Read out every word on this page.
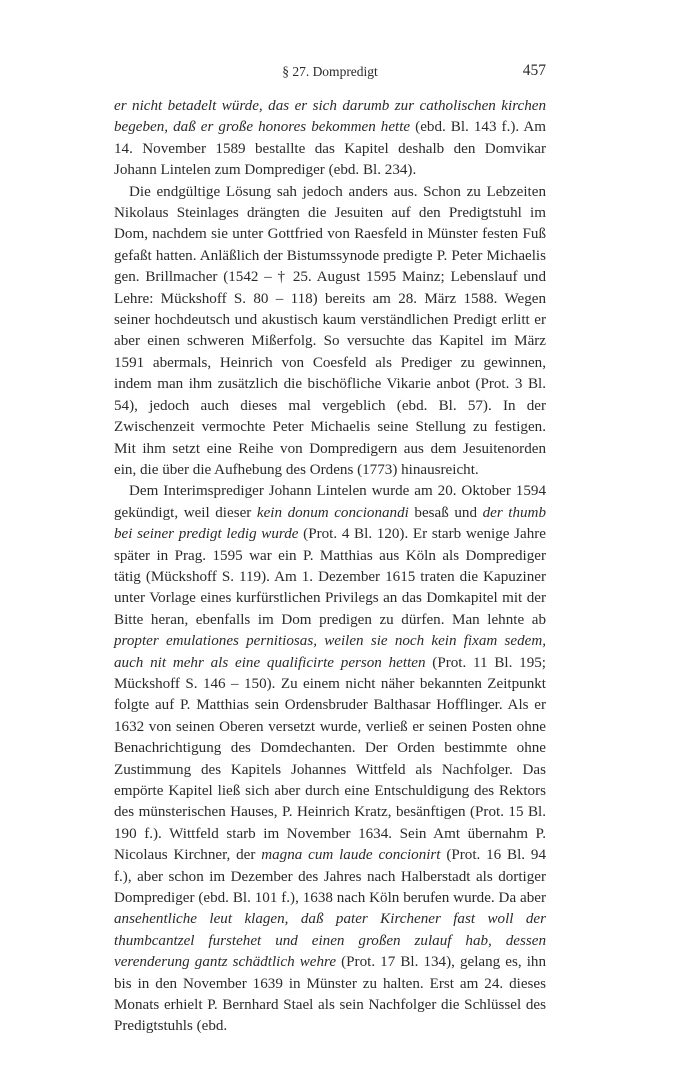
§ 27. Dompredigt	457

er nicht betadelt würde, das er sich darumb zur catholischen kirchen begeben, daß er große honores bekommen hette (ebd. Bl. 143 f.). Am 14. November 1589 bestallte das Kapitel deshalb den Domvikar Johann Lintelen zum Domprediger (ebd. Bl. 234).

Die endgültige Lösung sah jedoch anders aus. Schon zu Lebzeiten Nikolaus Steinlages drängten die Jesuiten auf den Predigtstuhl im Dom, nachdem sie unter Gottfried von Raesfeld in Münster festen Fuß gefaßt hatten. Anläßlich der Bistumssynode predigte P. Peter Michaelis gen. Brillmacher (1542 – † 25. August 1595 Mainz; Lebenslauf und Lehre: Mückshoff S. 80 – 118) bereits am 28. März 1588. Wegen seiner hochdeutsch und akustisch kaum verständlichen Predigt erlitt er aber einen schweren Mißerfolg. So versuchte das Kapitel im März 1591 abermals, Heinrich von Coesfeld als Prediger zu gewinnen, indem man ihm zusätzlich die bischöfliche Vikarie anbot (Prot. 3 Bl. 54), jedoch auch dieses mal vergeblich (ebd. Bl. 57). In der Zwischenzeit vermochte Peter Michaelis seine Stellung zu festigen. Mit ihm setzt eine Reihe von Dompredigern aus dem Jesuitenorden ein, die über die Aufhebung des Ordens (1773) hinausreicht.

Dem Interimsprediger Johann Lintelen wurde am 20. Oktober 1594 gekündigt, weil dieser kein donum concionandi besaß und der thumb bei seiner predigt ledig wurde (Prot. 4 Bl. 120). Er starb wenige Jahre später in Prag. 1595 war ein P. Matthias aus Köln als Domprediger tätig (Mückshoff S. 119). Am 1. Dezember 1615 traten die Kapuziner unter Vorlage eines kurfürstlichen Privilegs an das Domkapitel mit der Bitte heran, ebenfalls im Dom predigen zu dürfen. Man lehnte ab propter emulationes pernitiosas, weilen sie noch kein fixam sedem, auch nit mehr als eine qualificirte person hetten (Prot. 11 Bl. 195; Mückshoff S. 146 – 150). Zu einem nicht näher bekannten Zeitpunkt folgte auf P. Matthias sein Ordensbruder Balthasar Hofflinger. Als er 1632 von seinen Oberen versetzt wurde, verließ er seinen Posten ohne Benachrichtigung des Domdechanten. Der Orden bestimmte ohne Zustimmung des Kapitels Johannes Wittfeld als Nachfolger. Das empörte Kapitel ließ sich aber durch eine Entschuldigung des Rektors des münsterischen Hauses, P. Heinrich Kratz, besänftigen (Prot. 15 Bl. 190 f.). Wittfeld starb im November 1634. Sein Amt übernahm P. Nicolaus Kirchner, der magna cum laude concionirt (Prot. 16 Bl. 94 f.), aber schon im Dezember des Jahres nach Halberstadt als dortiger Domprediger (ebd. Bl. 101 f.), 1638 nach Köln berufen wurde. Da aber ansehentliche leut klagen, daß pater Kirchener fast woll der thumbcantzel furstehet und einen großen zulauf hab, dessen verenderung gantz schädtlich wehre (Prot. 17 Bl. 134), gelang es, ihn bis in den November 1639 in Münster zu halten. Erst am 24. dieses Monats erhielt P. Bernhard Stael als sein Nachfolger die Schlüssel des Predigtstuhls (ebd.
